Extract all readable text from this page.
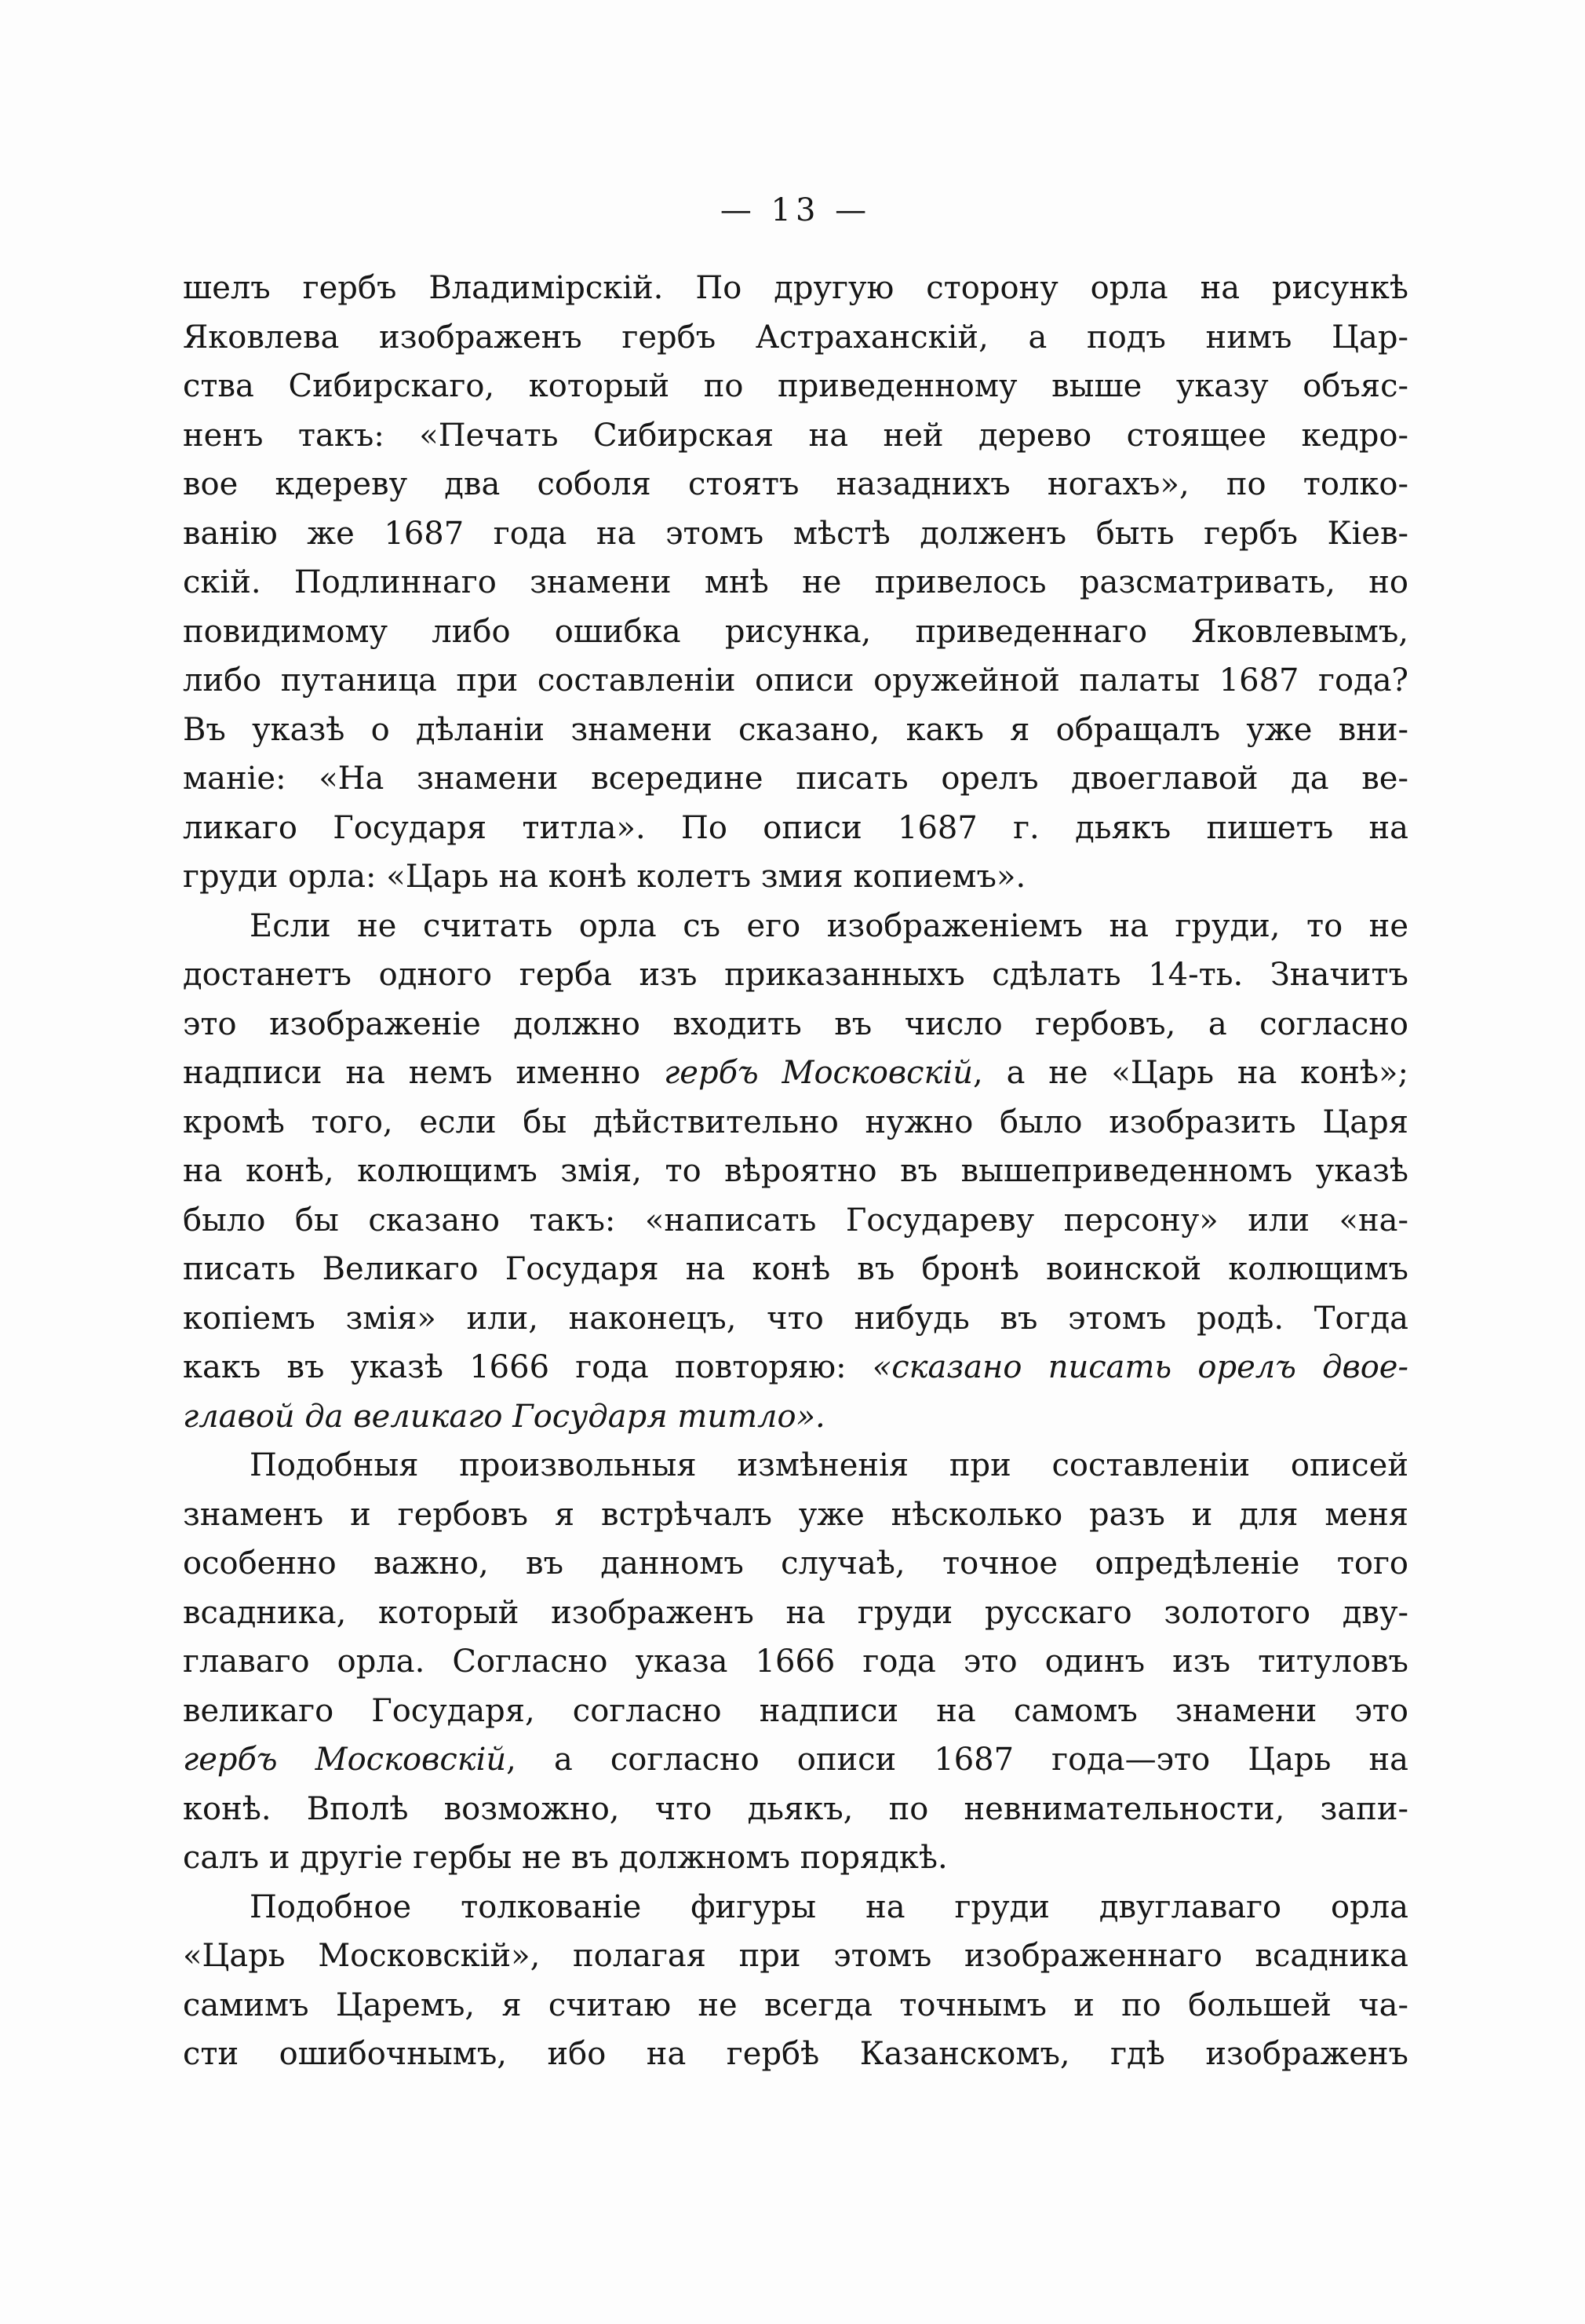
— 13 —
шелъ гербъ Владимірскій. По другую сторону орла на рисункѣ
Яковлева изображенъ гербъ Астраханскій, а подъ нимъ Цар-
ства Сибирскаго, который по приведенному выше указу объяс-
ненъ такъ: «Печать Сибирская на ней дерево стоящее кедро-
вое кдереву два соболя стоятъ назаднихъ ногахъ», по толко-
ванію же 1687 года на этомъ мѣстѣ долженъ быть гербъ Кіев-
скій. Подлиннаго знамени мнѣ не привелось разсматривать, но
повидимому либо ошибка рисунка, приведеннаго Яковлевымъ,
либо путаница при составленіи описи оружейной палаты 1687 года?
Въ указѣ о дѣланіи знамени сказано, какъ я обращалъ уже вни-
маніе: «На знамени всередине писать орелъ двоеглавой да ве-
ликаго Государя титла». По описи 1687 г. дьякъ пишетъ на
груди орла: «Царь на конѣ колетъ змия копиемъ».
Если не считать орла съ его изображеніемъ на груди, то не
достанетъ одного герба изъ приказанныхъ сдѣлать 14-ть. Значитъ
это изображеніе должно входить въ число гербовъ, а согласно
надписи на немъ именно гербъ Московскій, а не «Царь на конѣ»;
кромѣ того, если бы дѣйствительно нужно было изобразить Царя
на конѣ, колющимъ змія, то вѣроятно въ вышеприведенномъ указѣ
было бы сказано такъ: «написать Государеву персону» или «на-
писать Великаго Государя на конѣ въ бронѣ воинской колющимъ
копіемъ змія» или, наконецъ, что нибудь въ этомъ родѣ. Тогда
какъ въ указѣ 1666 года повторяю: «сказано писать орелъ двое-
главой да великаго Государя титло».
Подобныя произвольныя измѣненія при составленіи описей
знаменъ и гербовъ я встрѣчалъ уже нѣсколько разъ и для меня
особенно важно, въ данномъ случаѣ, точное опредѣленіе того
всадника, который изображенъ на груди русскаго золотого дву-
главаго орла. Согласно указа 1666 года это одинъ изъ титуловъ
великаго Государя, согласно надписи на самомъ знамени это
гербъ Московскій, а согласно описи 1687 года—это Царь на
конѣ. Вполѣ возможно, что дьякъ, по невнимательности, запи-
салъ и другіе гербы не въ должномъ порядкѣ.
Подобное толкованіе фигуры на груди двуглаваго орла
«Царь Московскій», полагая при этомъ изображеннаго всадника
самимъ Царемъ, я считаю не всегда точнымъ и по большей ча-
сти ошибочнымъ, ибо на гербѣ Казанскомъ, гдѣ изображенъ
